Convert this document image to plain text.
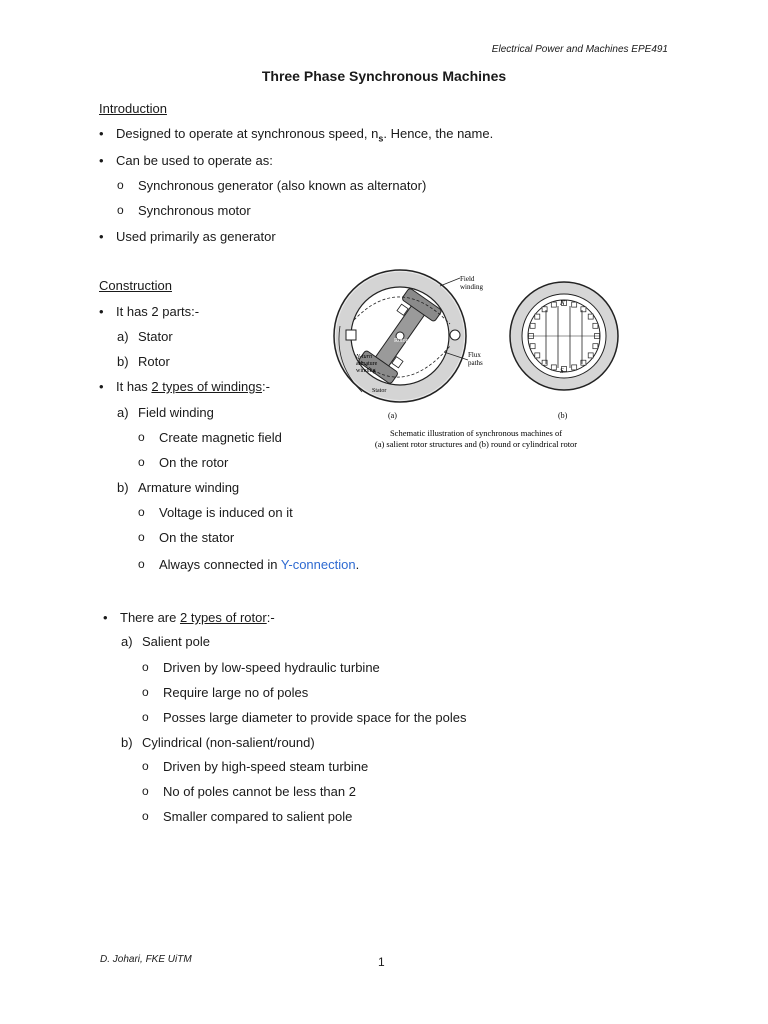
Electrical Power and Machines EPE491
Three Phase Synchronous Machines
Introduction
• Designed to operate at synchronous speed, $n_s$. Hence, the name.
• Can be used to operate as:
o Synchronous generator (also known as alternator)
o Synchronous motor
• Used primarily as generator
Construction
• It has 2 parts:-
a) Stator
b) Rotor
• It has 2 types of windings:-
a) Field winding
o Create magnetic field
o On the rotor
b) Armature winding
o Voltage is induced on it
o On the stator
o Always connected in Y-connection.
• There are 2 types of rotor:-
a) Salient pole
o Driven by low-speed hydraulic turbine
o Require large no of poles
o Posses large diameter to provide space for the poles
b) Cylindrical (non-salient/round)
o Driven by high-speed steam turbine
o No of poles cannot be less than 2
o Smaller compared to salient pole
Field
winding
Rotor
N-turn
armature
winding
Flux
paths
Stator
(a)
N
S
(b)
Schematic illustration of synchronous machines of
(a) salient rotor structures and (b) round or cylindrical rotor
D. Johari, FKE UiTM	1
